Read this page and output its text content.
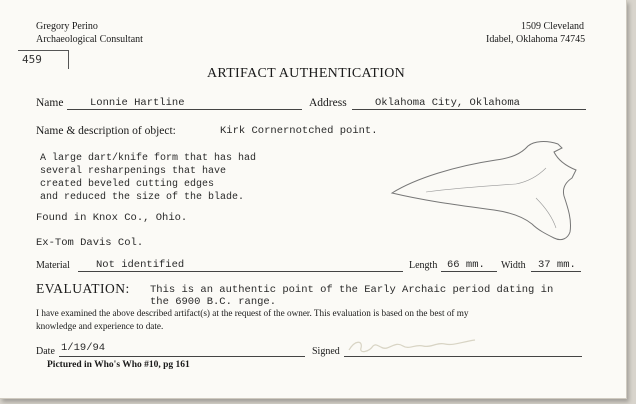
Gregory Perino
Archaeological Consultant
1509 Cleveland
Idabel, Oklahoma 74745
459
ARTIFACT AUTHENTICATION
Name	Lonnie Hartline	Address	Oklahoma City, Oklahoma
Name & description of object:	Kirk Cornernotched point.
A large dart/knife form that has had
several resharpenings that have
created beveled cutting edges
and reduced the size of the blade.
Found in Knox Co., Ohio.
Ex-Tom Davis Col.
Material Not identified	Length 66 mm. Width 37 mm.
EVALUATION: This is an authentic point of the Early Archaic period dating in
the 6900 B.C. range.
I have examined the above described artifact(s) at the request of the owner. This evaluation is based on the best of my
knowledge and experience to date.
Date 1/19/94	Signed
Pictured in Who's Who #10, pg 161
